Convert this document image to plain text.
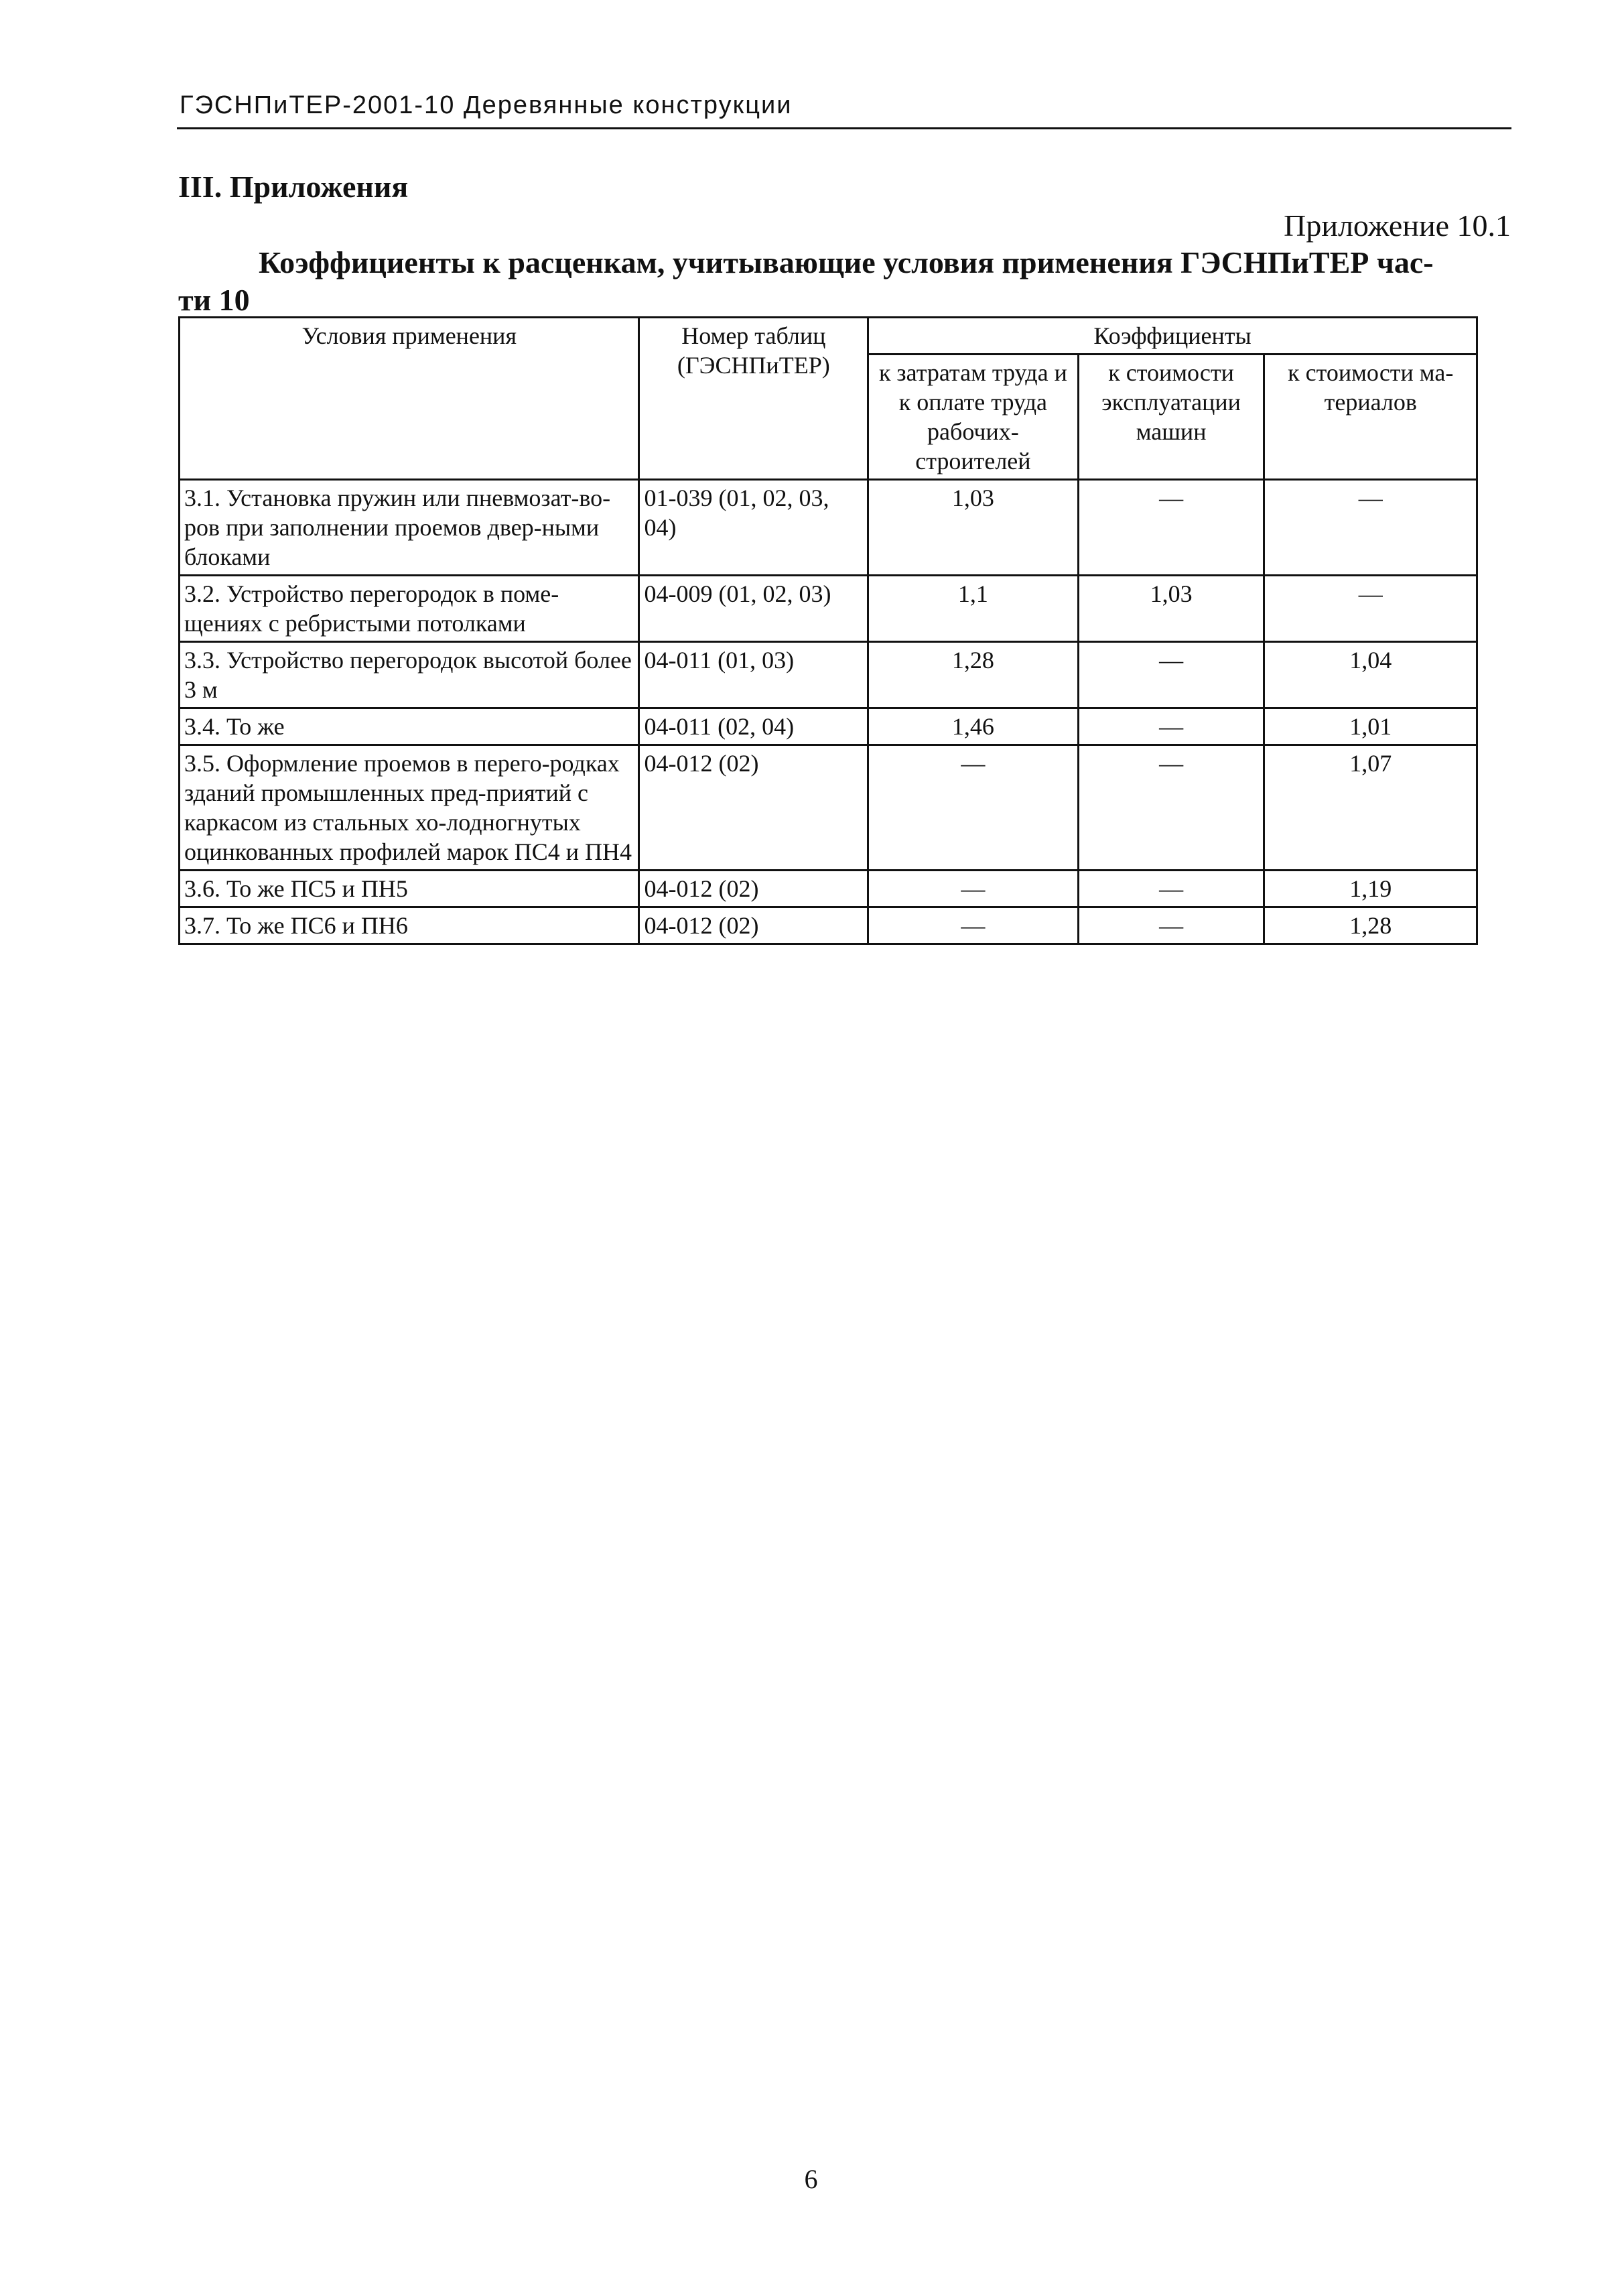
ГЭСНПиТЕР-2001-10 Деревянные конструкции
III. Приложения
Приложение 10.1
Коэффициенты к расценкам, учитывающие условия применения ГЭСНПиТЕР час-
ти 10
Условия применения	Номер таблиц (ГЭСНПиТЕР)	Коэффициенты		
		к затратам труда и к оплате труда рабочих-строителей	к стоимости эксплуатации машин	к стоимости ма-териалов
3.1. Установка пружин или пневмозат-во-ров при заполнении проемов двер-ными блоками	01-039 (01, 02, 03, 04)	1,03	—	—
3.2. Устройство перегородок в поме-щениях с ребристыми потолками	04-009 (01, 02, 03)	1,1	1,03	—
3.3. Устройство перегородок высотой более 3 м	04-011 (01, 03)	1,28	—	1,04
3.4. То же	04-011 (02, 04)	1,46	—	1,01
3.5. Оформление проемов в перего-родках зданий промышленных пред-приятий с каркасом из стальных хо-лодногнутых оцинкованных профилей марок ПС4 и ПН4	04-012 (02)	—	—	1,07
3.6. То же ПС5 и ПН5	04-012 (02)	—	—	1,19
3.7. То же ПС6 и ПН6	04-012 (02)	—	—	1,28
6
